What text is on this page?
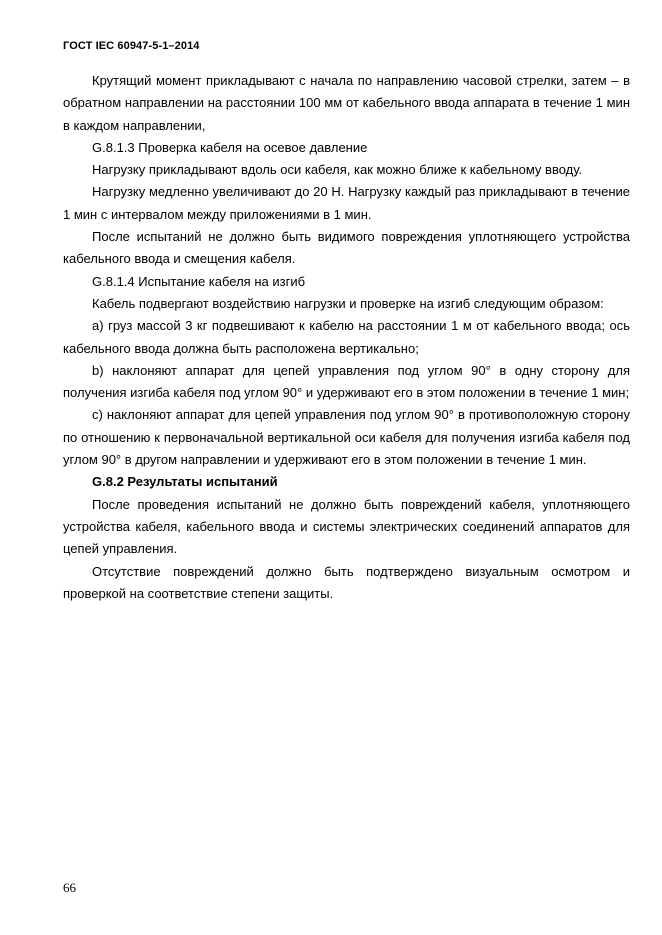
ГОСТ IEC 60947-5-1–2014

Крутящий момент прикладывают с начала по направлению часовой стрелки, затем – в обратном направлении на расстоянии 100 мм от кабельного ввода аппарата в течение 1 мин в каждом направлении,

G.8.1.3 Проверка кабеля на осевое давление

Нагрузку прикладывают вдоль оси кабеля, как можно ближе к кабельному вводу.

Нагрузку медленно увеличивают до 20 Н. Нагрузку каждый раз прикладывают в течение 1 мин с интервалом между приложениями в 1 мин.

После испытаний не должно быть видимого повреждения уплотняющего устройства кабельного ввода и смещения кабеля.

G.8.1.4 Испытание кабеля на изгиб

Кабель подвергают воздействию нагрузки и проверке на изгиб следующим образом:

a) груз массой 3 кг подвешивают к кабелю на расстоянии 1 м от кабельного ввода; ось кабельного ввода должна быть расположена вертикально;

b) наклоняют аппарат для цепей управления под углом 90° в одну сторону для получения изгиба кабеля под углом 90° и удерживают его в этом положении в течение 1 мин;

c) наклоняют аппарат для цепей управления под углом 90° в противоположную сторону по отношению к первоначальной вертикальной оси кабеля для получения изгиба кабеля под углом 90° в другом направлении и удерживают его в этом положении в течение 1 мин.

G.8.2 Результаты испытаний

После проведения испытаний не должно быть повреждений кабеля, уплотняющего устройства кабеля, кабельного ввода и системы электрических соединений аппаратов для цепей управления.

Отсутствие повреждений должно быть подтверждено визуальным осмотром и проверкой на соответствие степени защиты.

66
